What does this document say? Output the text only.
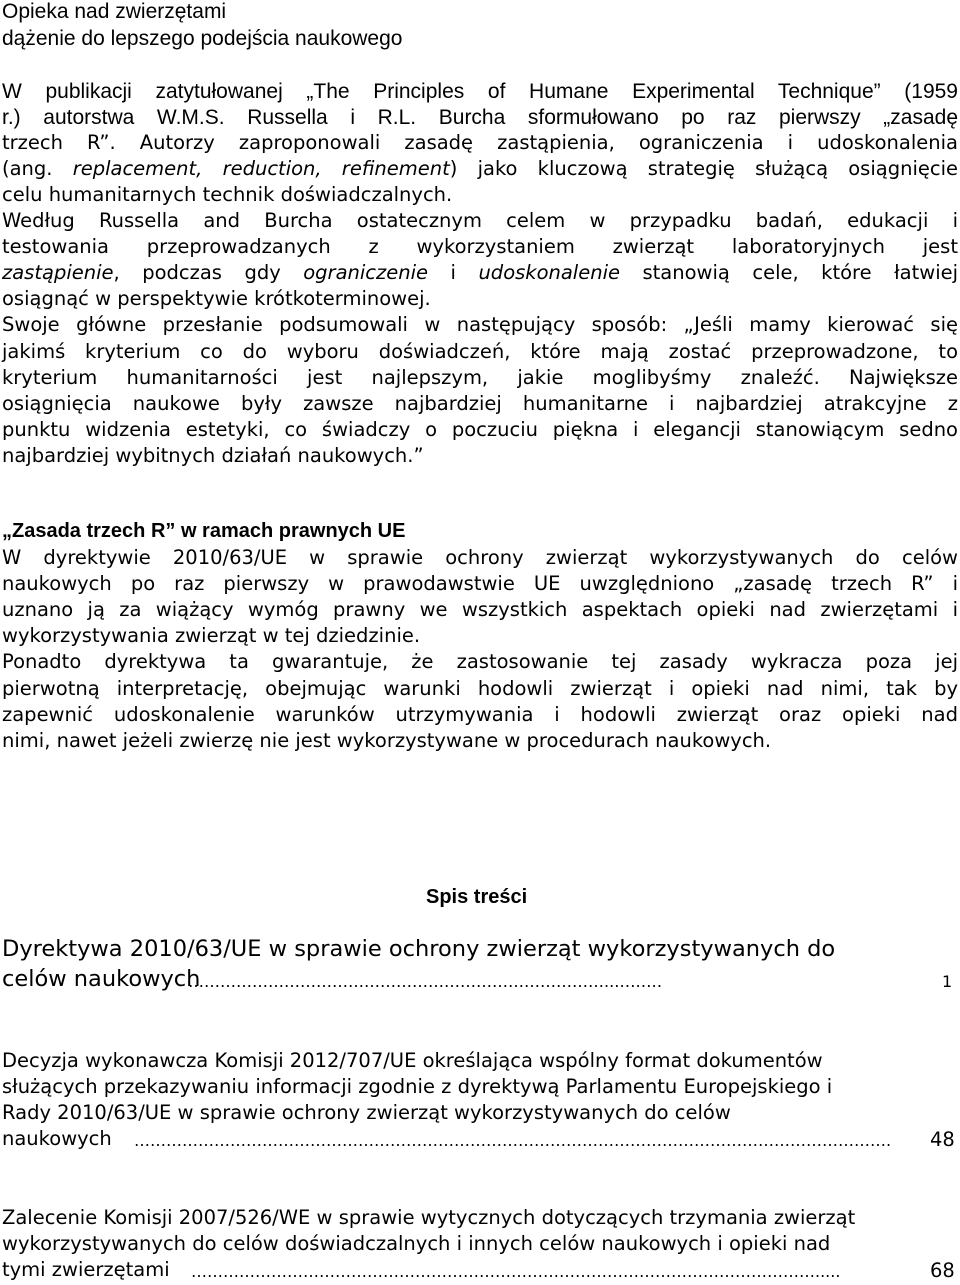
Opieka nad zwierzętami
dążenie do lepszego podejścia naukowego
W publikacji zatytułowanej „The Principles of Humane Experimental Technique” (1959
r.) autorstwa W.M.S. Russella i R.L. Burcha sformułowano po raz pierwszy „zasadę
trzech R”. Autorzy zaproponowali zasadę zastąpienia, ograniczenia i udoskonalenia
(ang. replacement, reduction, refinement) jako kluczową strategię służącą osiągnięcie
celu humanitarnych technik doświadczalnych.
Według Russella and Burcha ostatecznym celem w przypadku badań, edukacji i
testowania przeprowadzanych z wykorzystaniem zwierząt laboratoryjnych jest
zastąpienie, podczas gdy ograniczenie i udoskonalenie stanowią cele, które łatwiej
osiągnąć w perspektywie krótkoterminowej.
Swoje główne przesłanie podsumowali w następujący sposób: „Jeśli mamy kierować się
jakimś kryterium co do wyboru doświadczeń, które mają zostać przeprowadzone, to
kryterium humanitarności jest najlepszym, jakie moglibyśmy znaleźć. Największe
osiągnięcia naukowe były zawsze najbardziej humanitarne i najbardziej atrakcyjne z
punktu widzenia estetyki, co świadczy o poczuciu piękna i elegancji stanowiącym sedno
najbardziej wybitnych działań naukowych.”
„Zasada trzech R” w ramach prawnych UE
W dyrektywie 2010/63/UE w sprawie ochrony zwierząt wykorzystywanych do celów
naukowych po raz pierwszy w prawodawstwie UE uwzględniono „zasadę trzech R” i
uznano ją za wiążący wymóg prawny we wszystkich aspektach opieki nad zwierzętami i
wykorzystywania zwierząt w tej dziedzinie.
Ponadto dyrektywa ta gwarantuje, że zastosowanie tej zasady wykracza poza jej
pierwotną interpretację, obejmując warunki hodowli zwierząt i opieki nad nimi, tak by
zapewnić udoskonalenie warunków utrzymywania i hodowli zwierząt oraz opieki nad
nimi, nawet jeżeli zwierzę nie jest wykorzystywane w procedurach naukowych.
Spis treści
Dyrektywa 2010/63/UE w sprawie ochrony zwierząt wykorzystywanych do
celów naukowych
……………………………………………………………………..………	1
Decyzja wykonawcza Komisji 2012/707/UE określająca wspólny format dokumentów
służących przekazywaniu informacji zgodnie z dyrektywą Parlamentu Europejskiego i
Rady 2010/63/UE w sprawie ochrony zwierząt wykorzystywanych do celów
naukowych …………………………………………………………………………………………………………………………….	48
Zalecenie Komisji 2007/526/WE w sprawie wytycznych dotyczących trzymania zwierząt
wykorzystywanych do celów doświadczalnych i innych celów naukowych i opieki nad
tymi zwierzętami ……………………………………………………………………………………………………….....	68
